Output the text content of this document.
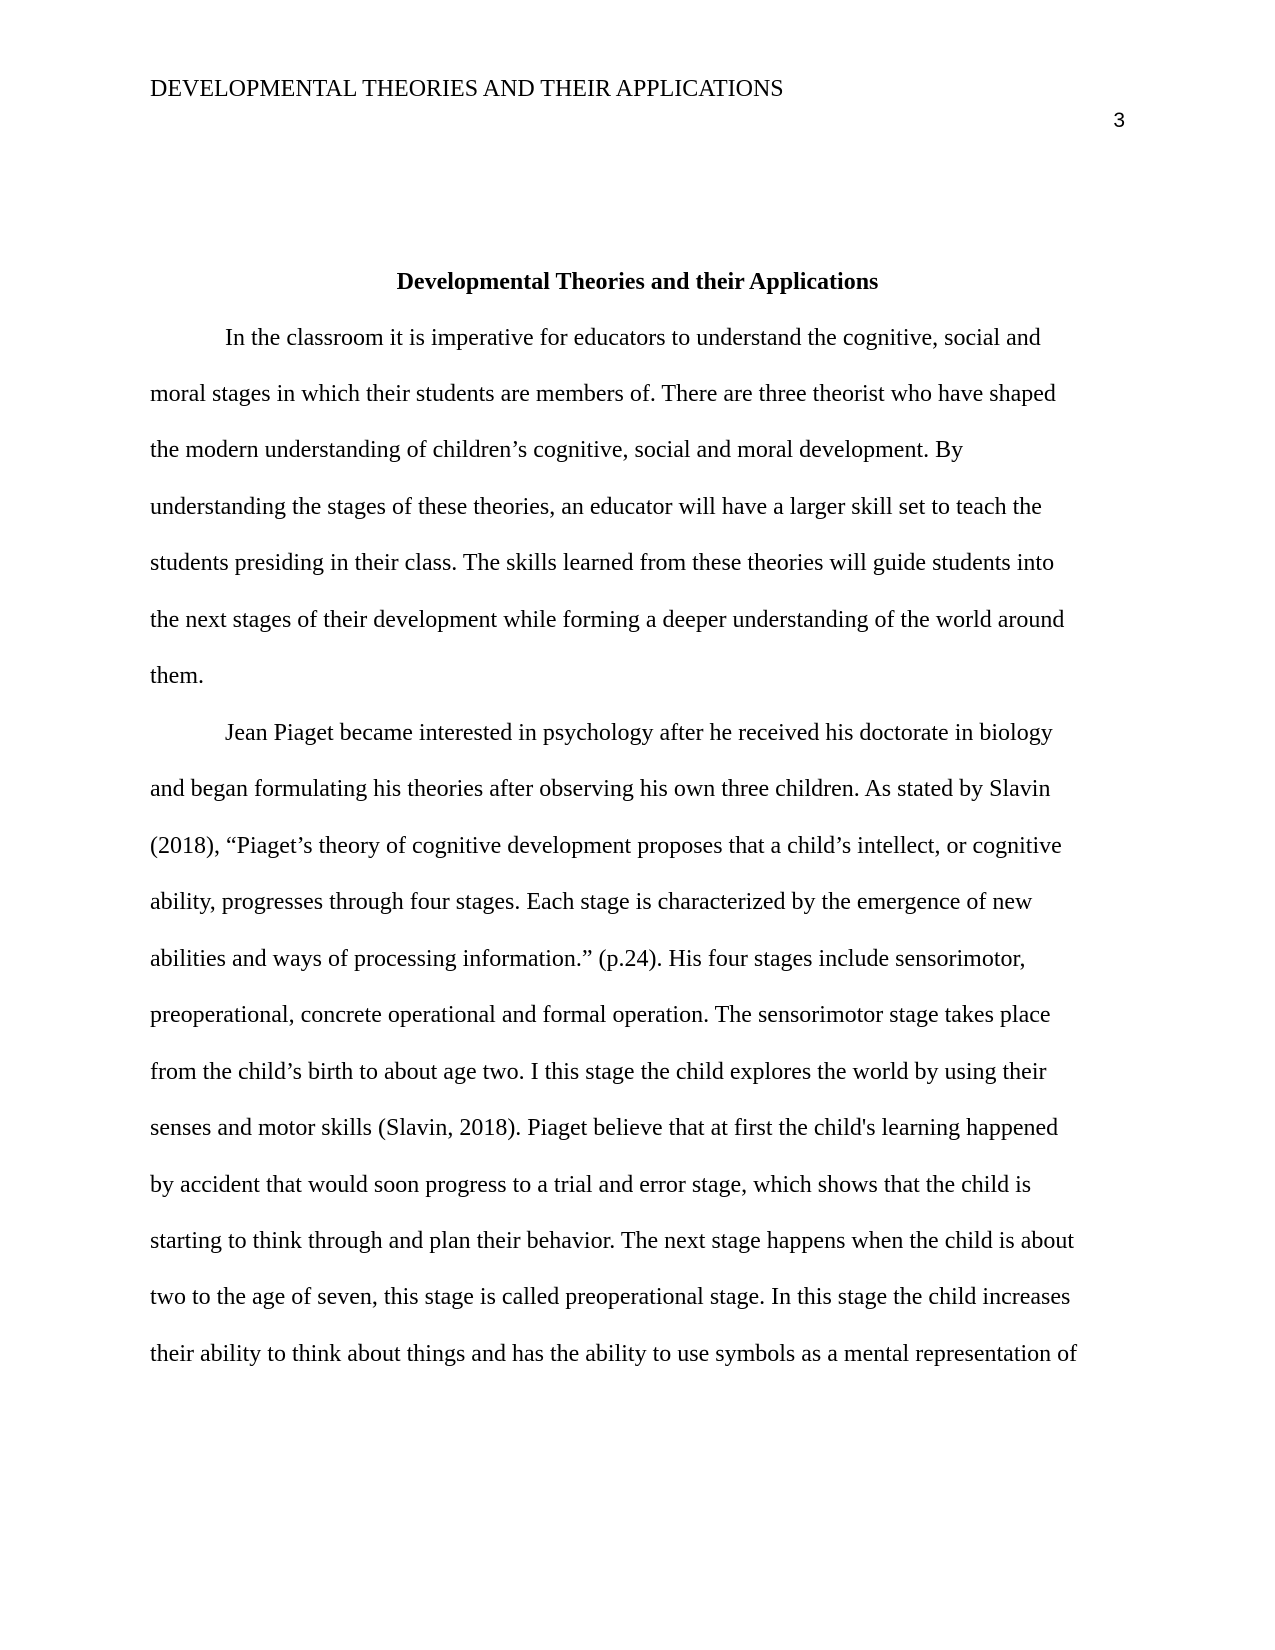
DEVELOPMENTAL THEORIES AND THEIR APPLICATIONS
3
Developmental Theories and their Applications
In the classroom it is imperative for educators to understand the cognitive, social and
moral stages in which their students are members of. There are three theorist who have shaped
the modern understanding of children’s cognitive, social and moral development. By
understanding the stages of these theories, an educator will have a larger skill set to teach the
students presiding in their class. The skills learned from these theories will guide students into
the next stages of their development while forming a deeper understanding of the world around
them.
Jean Piaget became interested in psychology after he received his doctorate in biology
and began formulating his theories after observing his own three children. As stated by Slavin
(2018), “Piaget’s theory of cognitive development proposes that a child’s intellect, or cognitive
ability, progresses through four stages. Each stage is characterized by the emergence of new
abilities and ways of processing information.” (p.24). His four stages include sensorimotor,
preoperational, concrete operational and formal operation. The sensorimotor stage takes place
from the child’s birth to about age two. I this stage the child explores the world by using their
senses and motor skills (Slavin, 2018). Piaget believe that at first the child's learning happened
by accident that would soon progress to a trial and error stage, which shows that the child is
starting to think through and plan their behavior. The next stage happens when the child is about
two to the age of seven, this stage is called preoperational stage. In this stage the child increases
their ability to think about things and has the ability to use symbols as a mental representation of
